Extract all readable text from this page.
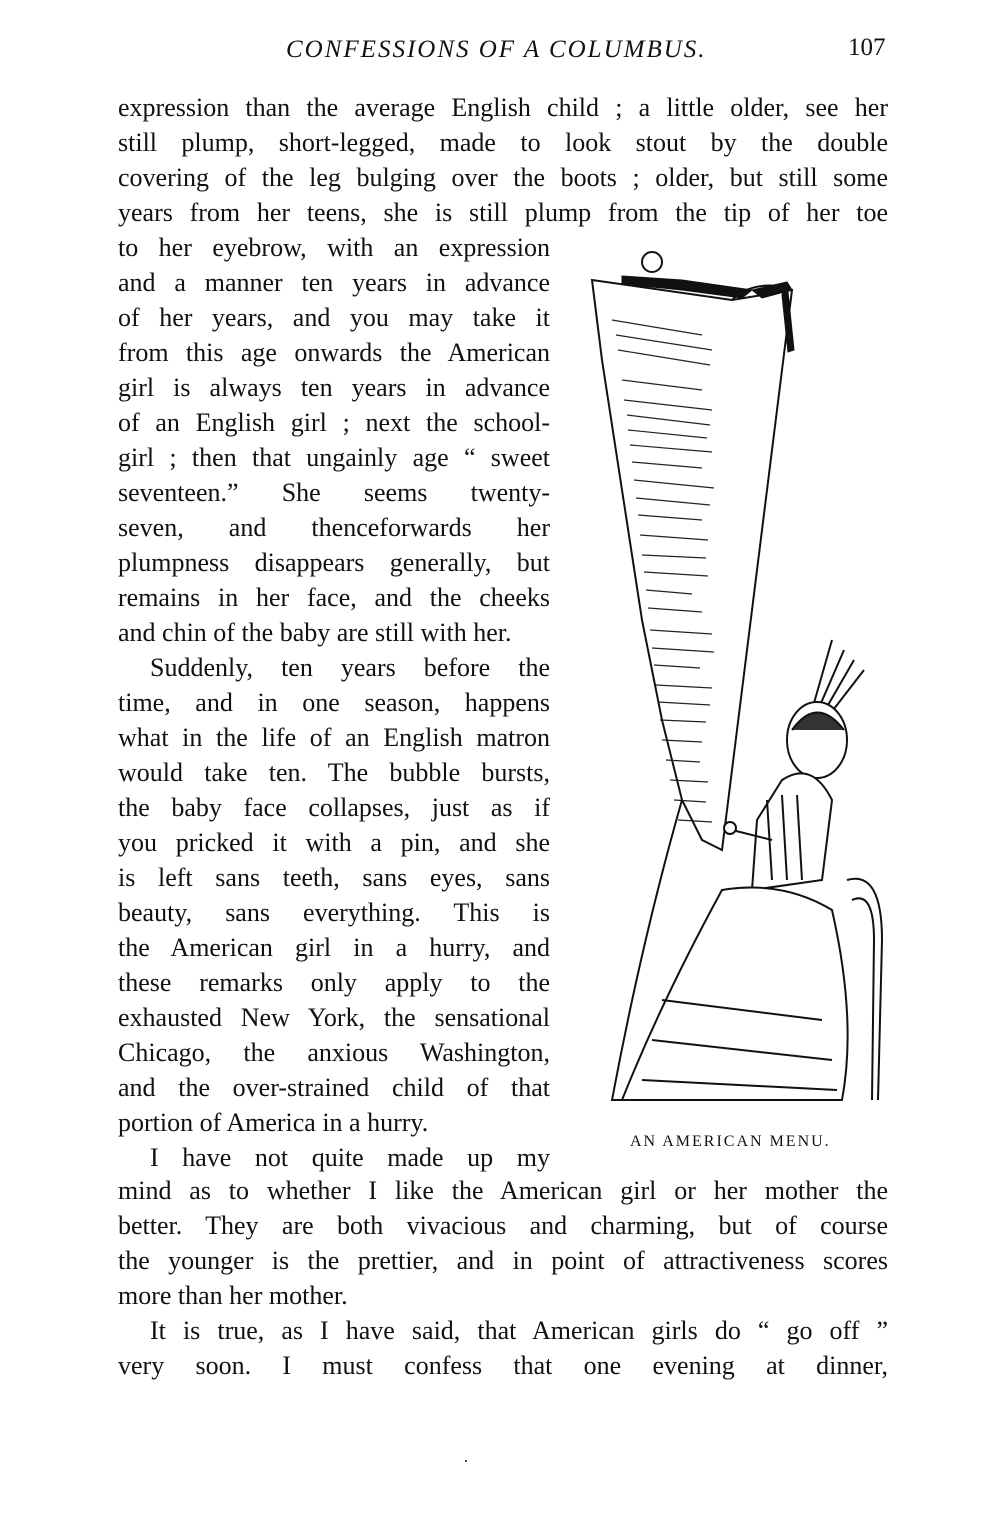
CONFESSIONS OF A COLUMBUS.	107
expression than the average English child ; a little older, see her
still plump, short-legged, made to look stout by the double
covering of the leg bulging over the boots ; older, but still some
years from her teens, she is still plump from the tip of her toe
to her eyebrow, with an expression
and a manner ten years in advance
of her years, and you may take it
from this age onwards the American
girl is always ten years in advance
of an English girl ; next the school-
girl ; then that ungainly age “ sweet
seventeen.” She seems twenty-
seven, and thenceforwards her
plumpness disappears generally, but
remains in her face, and the cheeks
and chin of the baby are still with her.
Suddenly, ten years before the
time, and in one season, happens
what in the life of an English matron
would take ten. The bubble bursts,
the baby face collapses, just as if
you pricked it with a pin, and she
is left sans teeth, sans eyes, sans
beauty, sans everything. This is
the American girl in a hurry, and
these remarks only apply to the
exhausted New York, the sensational
Chicago, the anxious Washington,
and the over-strained child of that
portion of America in a hurry.
I have not quite made up my
mind as to whether I like the American girl or her mother the
better. They are both vivacious and charming, but of course
the younger is the prettier, and in point of attractiveness scores
more than her mother.
It is true, as I have said, that American girls do “ go off ”
very soon. I must confess that one evening at dinner,
AN AMERICAN MENU.
